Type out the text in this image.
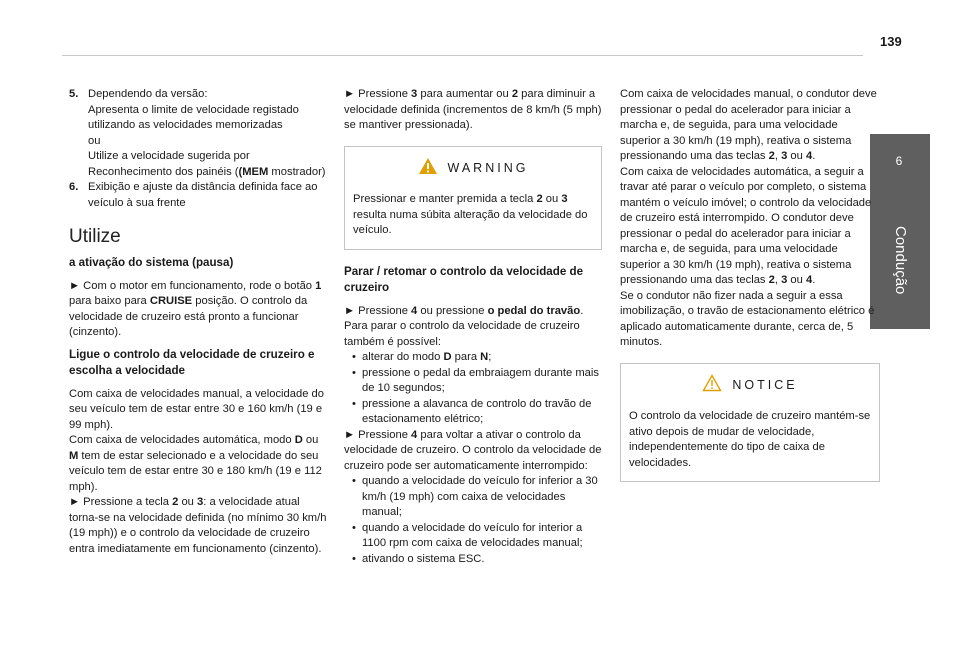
139
6
Condução
5. Dependendo da versão:

Apresenta o limite de velocidade registado utilizando as velocidades memorizadas

ou

Utilize a velocidade sugerida por Reconhecimento dos painéis ((MEM mostrador)

6. Exibição e ajuste da distância definida face ao veículo à sua frente

Utilize
a ativação do sistema (pausa)

► Com o motor em funcionamento, rode o botão 1 para baixo para CRUISE posição. O controlo da velocidade de cruzeiro está pronto a funcionar (cinzento).

Ligue o controlo da velocidade de cruzeiro e escolha a velocidade

Com caixa de velocidades manual, a velocidade do seu veículo tem de estar entre 30 e 160 km/h (19 e 99 mph).

Com caixa de velocidades automática, modo D ou M tem de estar selecionado e a velocidade do seu veículo tem de estar entre 30 e 180 km/h (19 e 112 mph).

► Pressione a tecla 2 ou 3: a velocidade atual torna-se na velocidade definida (no mínimo 30 km/h (19 mph)) e o controlo da velocidade de cruzeiro entra imediatamente em funcionamento (cinzento).

► Pressione 3 para aumentar ou 2 para diminuir a velocidade definida (incrementos de 8 km/h (5 mph) se mantiver pressionada).

WARNING

Pressionar e manter premida a tecla 2 ou 3 resulta numa súbita alteração da velocidade do veículo.

Parar / retomar o controlo da velocidade de cruzeiro

► Pressione 4 ou pressione o pedal do travão. Para parar o controlo da velocidade de cruzeiro também é possível:

• alterar do modo D para N;
• pressione o pedal da embraiagem durante mais de 10 segundos;
• pressione a alavanca de controlo do travão de estacionamento elétrico;

► Pressione 4 para voltar a ativar o controlo da velocidade de cruzeiro. O controlo da velocidade de cruzeiro pode ser automaticamente interrompido:

• quando a velocidade do veículo for inferior a 30 km/h (19 mph) com caixa de velocidades manual;
• quando a velocidade do veículo for interior a 1100 rpm com caixa de velocidades manual;
• ativando o sistema ESC.

Com caixa de velocidades manual, o condutor deve pressionar o pedal do acelerador para iniciar a marcha e, de seguida, para uma velocidade superior a 30 km/h (19 mph), reativa o sistema pressionando uma das teclas 2, 3 ou 4.

Com caixa de velocidades automática, a seguir a travar até parar o veículo por completo, o sistema mantém o veículo imóvel; o controlo da velocidade de cruzeiro está interrompido. O condutor deve pressionar o pedal do acelerador para iniciar a marcha e, de seguida, para uma velocidade superior a 30 km/h (19 mph), reativa o sistema pressionando uma das teclas 2, 3 ou 4.

Se o condutor não fizer nada a seguir a essa imobilização, o travão de estacionamento elétrico é aplicado automaticamente durante, cerca de, 5 minutos.

NOTICE

O controlo da velocidade de cruzeiro mantém-se ativo depois de mudar de velocidade, independentemente do tipo de caixa de velocidades.
